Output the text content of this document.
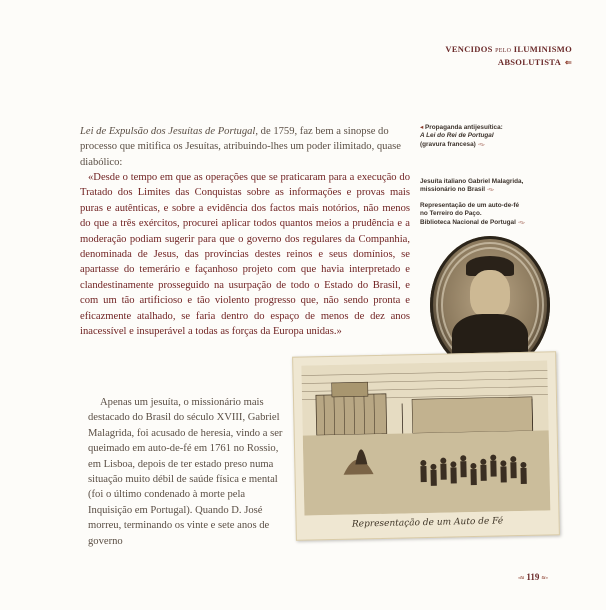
VENCIDOS PELO ILUMINISMO
ABSOLUTISTA ⇐
Lei de Expulsão dos Jesuítas de Portugal, de 1759, faz bem a sinopse do processo que mitifica os Jesuítas, atribuindo-lhes um poder ilimitado, quase diabólico:
«Desde o tempo em que as operações que se praticaram para a execução do Tratado dos Limites das Conquistas sobre as informações e provas mais puras e autênticas, e sobre a evidência dos factos mais notórios, não menos do que a três exércitos, procurei aplicar todos quantos meios a prudência e a moderação podiam sugerir para que o governo dos regulares da Companhia, denominada de Jesus, das províncias destes reinos e seus domínios, se apartasse do temerário e façanhoso projeto com que havia interpretado e clandestinamente prosseguido na usurpação de todo o Estado do Brasil, e com um tão artificioso e tão violento progresso que, não sendo pronta e eficazmente atalhado, se faria dentro do espaço de menos de dez anos inacessível e insuperável a todas as forças da Europa unidas.»
Apenas um jesuíta, o missionário mais destacado do Brasil do século XVIII, Gabriel Malagrida, foi acusado de heresia, vindo a ser queimado em auto-de-fé em 1761 no Rossio, em Lisboa, depois de ter estado preso numa situação muito débil de saúde física e mental (foi o último condenado à morte pela Inquisição em Portugal). Quando D. José morreu, terminando os vinte e sete anos de governo
◂ Propaganda antijesuítica:
A Lei do Rei de Portugal
(gravura francesa) ◦≈▹
Jesuíta italiano Gabriel Malagrida,
missionário no Brasil ◦≈▹
Representação de um auto-de-fé
no Terreiro do Paço.
Biblioteca Nacional de Portugal ◦≈▹
Representação de um Auto de Fé
◦≈ 119 ≈◦
